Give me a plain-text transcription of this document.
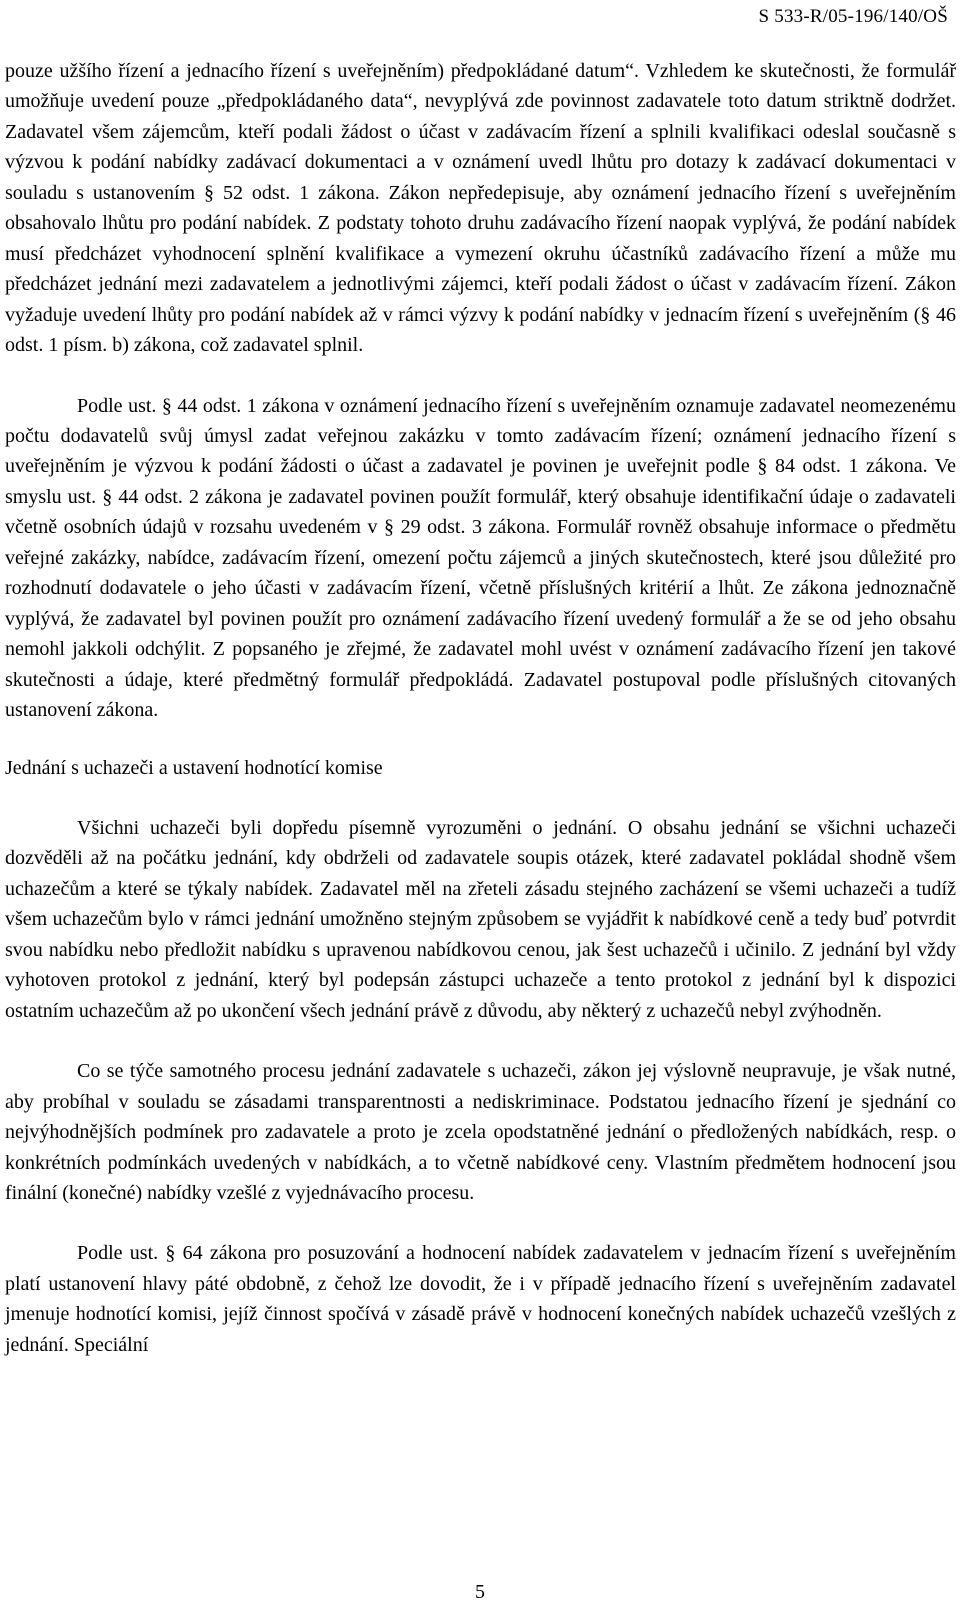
S 533-R/05-196/140/OŠ

pouze užšího řízení a jednacího řízení s uveřejněním) předpokládané datum“. Vzhledem ke skutečnosti, že formulář umožňuje uvedení pouze „předpokládaného data“, nevyplývá zde povinnost zadavatele toto datum striktně dodržet. Zadavatel všem zájemcům, kteří podali žádost o účast v zadávacím řízení a splnili kvalifikaci odeslal současně s výzvou k podání nabídky zadávací dokumentaci a v oznámení uvedl lhůtu pro dotazy k zadávací dokumentaci v souladu s ustanovením § 52 odst. 1 zákona. Zákon nepředepisuje, aby oznámení jednacího řízení s uveřejněním obsahovalo lhůtu pro podání nabídek. Z podstaty tohoto druhu zadávacího řízení naopak vyplývá, že podání nabídek musí předcházet vyhodnocení splnění kvalifikace a vymezení okruhu účastníků zadávacího řízení a může mu předcházet jednání mezi zadavatelem a jednotlivými zájemci, kteří podali žádost o účast v zadávacím řízení. Zákon vyžaduje uvedení lhůty pro podání nabídek až v rámci výzvy k podání nabídky v jednacím řízení s uveřejněním (§ 46 odst. 1 písm. b) zákona, což zadavatel splnil.

Podle ust. § 44 odst. 1 zákona v oznámení jednacího řízení s uveřejněním oznamuje zadavatel neomezenému počtu dodavatelů svůj úmysl zadat veřejnou zakázku v tomto zadávacím řízení; oznámení jednacího řízení s uveřejněním je výzvou k podání žádosti o účast a zadavatel je povinen je uveřejnit podle § 84 odst. 1 zákona. Ve smyslu ust. § 44 odst. 2 zákona je zadavatel povinen použít formulář, který obsahuje identifikační údaje o zadavateli včetně osobních údajů v rozsahu uvedeném v § 29 odst. 3 zákona. Formulář rovněž obsahuje informace o předmětu veřejné zakázky, nabídce, zadávacím řízení, omezení počtu zájemců a jiných skutečnostech, které jsou důležité pro rozhodnutí dodavatele o jeho účasti v zadávacím řízení, včetně příslušných kritérií a lhůt. Ze zákona jednoznačně vyplývá, že zadavatel byl povinen použít pro oznámení zadávacího řízení uvedený formulář a že se od jeho obsahu nemohl jakkoli odchýlit. Z popsaného je zřejmé, že zadavatel mohl uvést v oznámení zadávacího řízení jen takové skutečnosti a údaje, které předmětný formulář předpokládá. Zadavatel postupoval podle příslušných citovaných ustanovení zákona.

Jednání s uchazeči a ustavení hodnotící komise

Všichni uchazeči byli dopředu písemně vyrozuměni o jednání. O obsahu jednání se všichni uchazeči dozvěděli až na počátku jednání, kdy obdrželi od zadavatele soupis otázek, které zadavatel pokládal shodně všem uchazečům a které se týkaly nabídek. Zadavatel měl na zřeteli zásadu stejného zacházení se všemi uchazeči a tudíž všem uchazečům bylo v rámci jednání umožněno stejným způsobem se vyjádřit k nabídkové ceně a tedy buď potvrdit svou nabídku nebo předložit nabídku s upravenou nabídkovou cenou, jak šest uchazečů i učinilo. Z jednání byl vždy vyhotoven protokol z jednání, který byl podepsán zástupci uchazeče a tento protokol z jednání byl k dispozici ostatním uchazečům až po ukončení všech jednání právě z důvodu, aby některý z uchazečů nebyl zvýhodněn.

Co se týče samotného procesu jednání zadavatele s uchazeči, zákon jej výslovně neupravuje, je však nutné, aby probíhal v souladu se zásadami transparentnosti a nediskriminace. Podstatou jednacího řízení je sjednání co nejvýhodnějších podmínek pro zadavatele a proto je zcela opodstatněné jednání o předložených nabídkách, resp. o konkrétních podmínkách uvedených v nabídkách, a to včetně nabídkové ceny. Vlastním předmětem hodnocení jsou finální (konečné) nabídky vzešlé z vyjednávacího procesu.

Podle ust. § 64 zákona pro posuzování a hodnocení nabídek zadavatelem v jednacím řízení s uveřejněním platí ustanovení hlavy páté obdobně, z čehož lze dovodit, že i v případě jednacího řízení s uveřejněním zadavatel jmenuje hodnotící komisi, jejíž činnost spočívá v zásadě právě v hodnocení konečných nabídek uchazečů vzešlých z jednání. Speciální

5
